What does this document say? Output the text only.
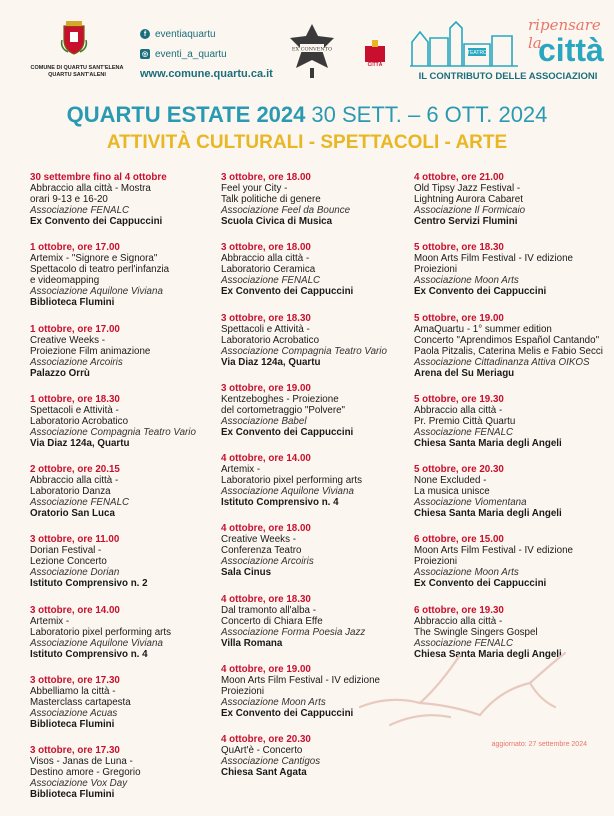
COMUNE DI QUARTU SANT'ELENA
QUARTU SANT'ALENI
f eventiaquartu
◎ eventi_a_quartu
www.comune.quartu.ca.it
EX CONVENTO
CITTÀ
TEATRO
ripensare la
città
IL CONTRIBUTO DELLE ASSOCIAZIONI
QUARTU ESTATE 2024 30 SETT. – 6 OTT. 2024
ATTIVITÀ CULTURALI - SPETTACOLI - ARTE
30 settembre fino al 4 ottobre
Abbraccio alla città - Mostra
orari 9-13 e 16-20
Associazione FENALC
Ex Convento dei Cappuccini
1 ottobre, ore 17.00
Artemix - "Signore e Signora"
Spettacolo di teatro perl'infanzia
e videomapping
Associazione Aquilone Viviana
Biblioteca Flumini
1 ottobre, ore 17.00
Creative Weeks -
Proiezione Film animazione
Associazione Arcoiris
Palazzo Orrù
1 ottobre, ore 18.30
Spettacoli e Attività -
Laboratorio Acrobatico
Associazione Compagnia Teatro Vario
Via Diaz 124a, Quartu
2 ottobre, ore 20.15
Abbraccio alla città -
Laboratorio Danza
Associazione FENALC
Oratorio San Luca
3 ottobre, ore 11.00
Dorian Festival -
Lezione Concerto
Associazione Dorian
Istituto Comprensivo n. 2
3 ottobre, ore 14.00
Artemix -
Laboratorio pixel performing arts
Associazione Aquilone Viviana
Istituto Comprensivo n. 4
3 ottobre, ore 17.30
Abbelliamo la città -
Masterclass cartapesta
Associazione Acuas
Biblioteca Flumini
3 ottobre, ore 17.30
Visos - Janas de Luna -
Destino amore - Gregorio
Associazione Vox Day
Biblioteca Flumini
3 ottobre, ore 18.00
Feel your City -
Talk politiche di genere
Associazione Feel da Bounce
Scuola Civica di Musica
3 ottobre, ore 18.00
Abbraccio alla città -
Laboratorio Ceramica
Associazione FENALC
Ex Convento dei Cappuccini
3 ottobre, ore 18.30
Spettacoli e Attività -
Laboratorio Acrobatico
Associazione Compagnia Teatro Vario
Via Diaz 124a, Quartu
3 ottobre, ore 19.00
Kentzeboghes - Proiezione
del cortometraggio "Polvere"
Associazione Babel
Ex Convento dei Cappuccini
4 ottobre, ore 14.00
Artemix -
Laboratorio pixel performing arts
Associazione Aquilone Viviana
Istituto Comprensivo n. 4
4 ottobre, ore 18.00
Creative Weeks -
Conferenza Teatro
Associazione Arcoiris
Sala Cinus
4 ottobre, ore 18.30
Dal tramonto all'alba -
Concerto di Chiara Effe
Associazione Forma Poesia Jazz
Villa Romana
4 ottobre, ore 19.00
Moon Arts Film Festival - IV edizione
Proiezioni
Associazione Moon Arts
Ex Convento dei Cappuccini
4 ottobre, ore 20.30
QuArt'è - Concerto
Associazione Cantigos
Chiesa Sant Agata
4 ottobre, ore 21.00
Old Tipsy Jazz Festival -
Lightning Aurora Cabaret
Associazione Il Formicaio
Centro Servizi Flumini
5 ottobre, ore 18.30
Moon Arts Film Festival - IV edizione
Proiezioni
Associazione Moon Arts
Ex Convento dei Cappuccini
5 ottobre, ore 19.00
AmaQuartu - 1° summer edition
Concerto "Aprendimos Español Cantando"
Paola Pitzalis, Caterina Melis e Fabio Secci
Associazione Cittadinanza Attiva OIKOS
Arena del Su Meriagu
5 ottobre, ore 19.30
Abbraccio alla città -
Pr. Premio Città Quartu
Associazione FENALC
Chiesa Santa Maria degli Angeli
5 ottobre, ore 20.30
None Excluded -
La musica unisce
Associazione Viomentana
Chiesa Santa Maria degli Angeli
6 ottobre, ore 15.00
Moon Arts Film Festival - IV edizione
Proiezioni
Associazione Moon Arts
Ex Convento dei Cappuccini
6 ottobre, ore 19.30
Abbraccio alla città -
The Swingle Singers Gospel
Associazione FENALC
Chiesa Santa Maria degli Angeli
aggiornato: 27 settembre 2024
